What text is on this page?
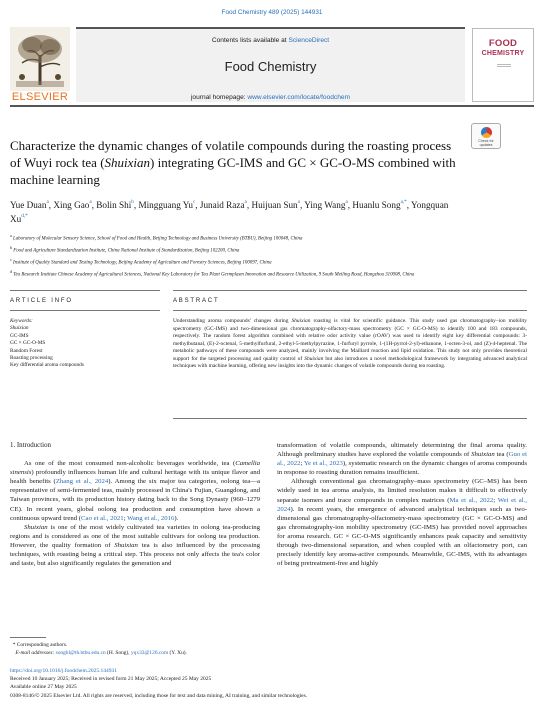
Food Chemistry 489 (2025) 144931
ELSEVIER
Contents lists available at ScienceDirect
Food Chemistry
journal homepage: www.elsevier.com/locate/foodchem
FOOD
CHEMISTRY
Check for updates
Characterize the dynamic changes of volatile compounds during the roasting process of Wuyi rock tea (Shuixian) integrating GC-IMS and GC × GC-O-MS combined with machine learning
Yue Duan$^a$, Xing Gao$^a$, Bolin Shi$^b$, Mingguang Yu$^c$, Junaid Raza$^a$, Huijuan Sun$^a$, Ying Wang$^a$, Huanlu Song$^{a,*}$, Yongquan $Xu^{d,*}$
$^a$ Laboratory of Molecular Sensory Science, School of Food and Health, Beijing Technology and Business University (BTBU), Beijing 100048, China
$^b$ Food and Agriculture Standardization Institute, China National Institute of Standardization, Beijing 102200, China
$^c$ Institute of Quality Standard and Testing Technology, Beijing Academy of Agriculture and Forestry Sciences, Beijing 100097, China
$^d$ Tea Research Institute Chinese Academy of Agricultural Sciences, National Key Laboratory for Tea Plant Germplasm Innovation and Resource Utilization, 9 South Meiling Road, Hangzhou 310008, China
ARTICLE INFO	ABSTRACT
Keywords:
Shuixian
GC-IMS
GC × GC-O-MS
Random Forest
Roasting processing
Key differential aroma compounds
Understanding aroma compounds' changes during Shuixian roasting is vital for scientific guidance. This study used gas chromatography–ion mobility spectrometry (GC-IMS) and two-dimensional gas chromatography-olfactory-mass spectrometry (GC × GC-O-MS) to identify 100 and 183 compounds, respectively. The random forest algorithm combined with relative odor activity value (rOAV) was used to identify eight key differential compounds: 3-methylbutanal, (E)-2-octenal, 5-methylfurfural, 2-ethyl-5-methylpyrazine, 1-furfuryl pyrrole, 1-(1H-pyrrol-2-yl)-ethanone, 1-octen-3-ol, and (Z)-4-heptenal. The metabolic pathways of these compounds were analyzed, mainly involving the Maillard reaction and lipid oxidation. This study not only provides theoretical support for the targeted processing and quality control of Shuixian but also introduces a novel methodological framework by integrating advanced analytical techniques with machine learning, offering new insights into the dynamic changes of volatile compounds during tea roasting.
1. Introduction

As one of the most consumed non-alcoholic beverages worldwide, tea (Camellia sinensis) profoundly influences human life and cultural heritage with its unique flavor and health benefits (Zhang et al., 2024). Among the six major tea categories, oolong tea—a representative of semi-fermented teas, mainly processed in China's Fujian, Guangdong, and Taiwan provinces, with its production history dating back to the Song Dynasty (960–1279 CE). In recent years, global oolong tea production and consumption have shown a continuous upward trend (Cao et al., 2021; Wang et al., 2016).

Shuixian is one of the most widely cultivated tea varieties in oolong tea-producing regions and is considered as one of the most suitable cultivars for oolong tea production. However, the quality formation of Shuixian tea is also influenced by the processing techniques, with roasting being a critical step. This process not only affects the tea's color and taste, but also significantly regulates the generation and

transformation of volatile compounds, ultimately determining the final aroma quality. Although preliminary studies have explored the volatile compounds of Shuixian tea (Guo et al., 2022; Ye et al., 2023), systematic research on the dynamic changes of aroma compounds in response to roasting duration remains insufficient.

Although conventional gas chromatography–mass spectrometry (GC–MS) has been widely used in tea aroma analysis, its limited resolution makes it difficult to effectively separate isomers and trace compounds in complex matrices (Ma et al., 2022; Wei et al., 2024). In recent years, the emergence of advanced analytical techniques such as two-dimensional gas chromatography-olfactometry-mass spectrometry (GC × GC-O-MS) and gas chromatography-ion mobility spectrometry (GC-IMS) has provided novel approaches for aroma research. GC × GC-O-MS significantly enhances peak capacity and sensitivity through two-dimensional separation, and when coupled with an olfactometry port, can precisely identify key aroma-active compounds. Meanwhile, GC-IMS, with its advantages of being pretreatment-free and highly

* Corresponding authors.
E-mail addresses: songhl@th.btbu.edu.cn (H. Song), yqx33@126.com (Y. Xu).
https://doi.org/10.1016/j.foodchem.2025.144931
Received 10 January 2025; Received in revised form 21 May 2025; Accepted 25 May 2025
Available online 27 May 2025
0308-8146/© 2025 Elsevier Ltd. All rights are reserved, including those for text and data mining, AI training, and similar technologies.
